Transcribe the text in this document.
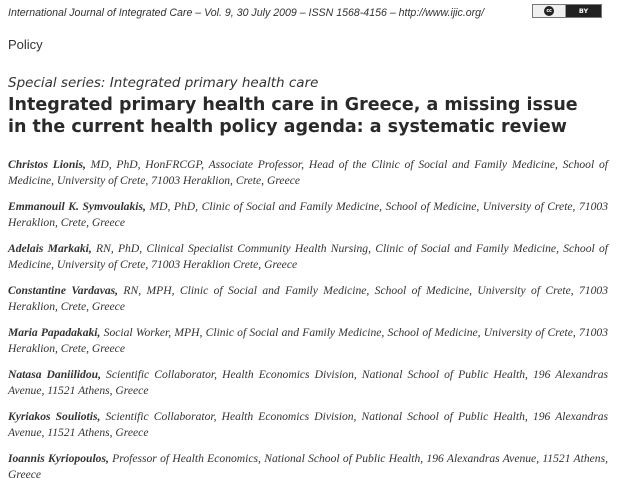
International Journal of Integrated Care – Vol. 9, 30 July 2009 – ISSN 1568-4156 – http://www.ijic.org/	cc	BY
Policy
Special series: Integrated primary health care
Integrated primary health care in Greece, a missing issue
in the current health policy agenda: a systematic review

Christos Lionis, MD, PhD, HonFRCGP, Associate Professor, Head of the Clinic of Social and Family Medicine, School of Medicine, University of Crete, 71003 Heraklion, Crete, Greece

Emmanouil K. Symvoulakis, MD, PhD, Clinic of Social and Family Medicine, School of Medicine, University of Crete, 71003 Heraklion, Crete, Greece

Adelais Markaki, RN, PhD, Clinical Specialist Community Health Nursing, Clinic of Social and Family Medicine, School of Medicine, University of Crete, 71003 Heraklion Crete, Greece

Constantine Vardavas, RN, MPH, Clinic of Social and Family Medicine, School of Medicine, University of Crete, 71003 Heraklion, Crete, Greece

Maria Papadakaki, Social Worker, MPH, Clinic of Social and Family Medicine, School of Medicine, University of Crete, 71003 Heraklion, Crete, Greece

Natasa Daniilidou, Scientific Collaborator, Health Economics Division, National School of Public Health, 196 Alexandras Avenue, 11521 Athens, Greece

Kyriakos Souliotis, Scientific Collaborator, Health Economics Division, National School of Public Health, 196 Alexandras Avenue, 11521 Athens, Greece

Ioannis Kyriopoulos, Professor of Health Economics, National School of Public Health, 196 Alexandras Avenue, 11521 Athens, Greece
